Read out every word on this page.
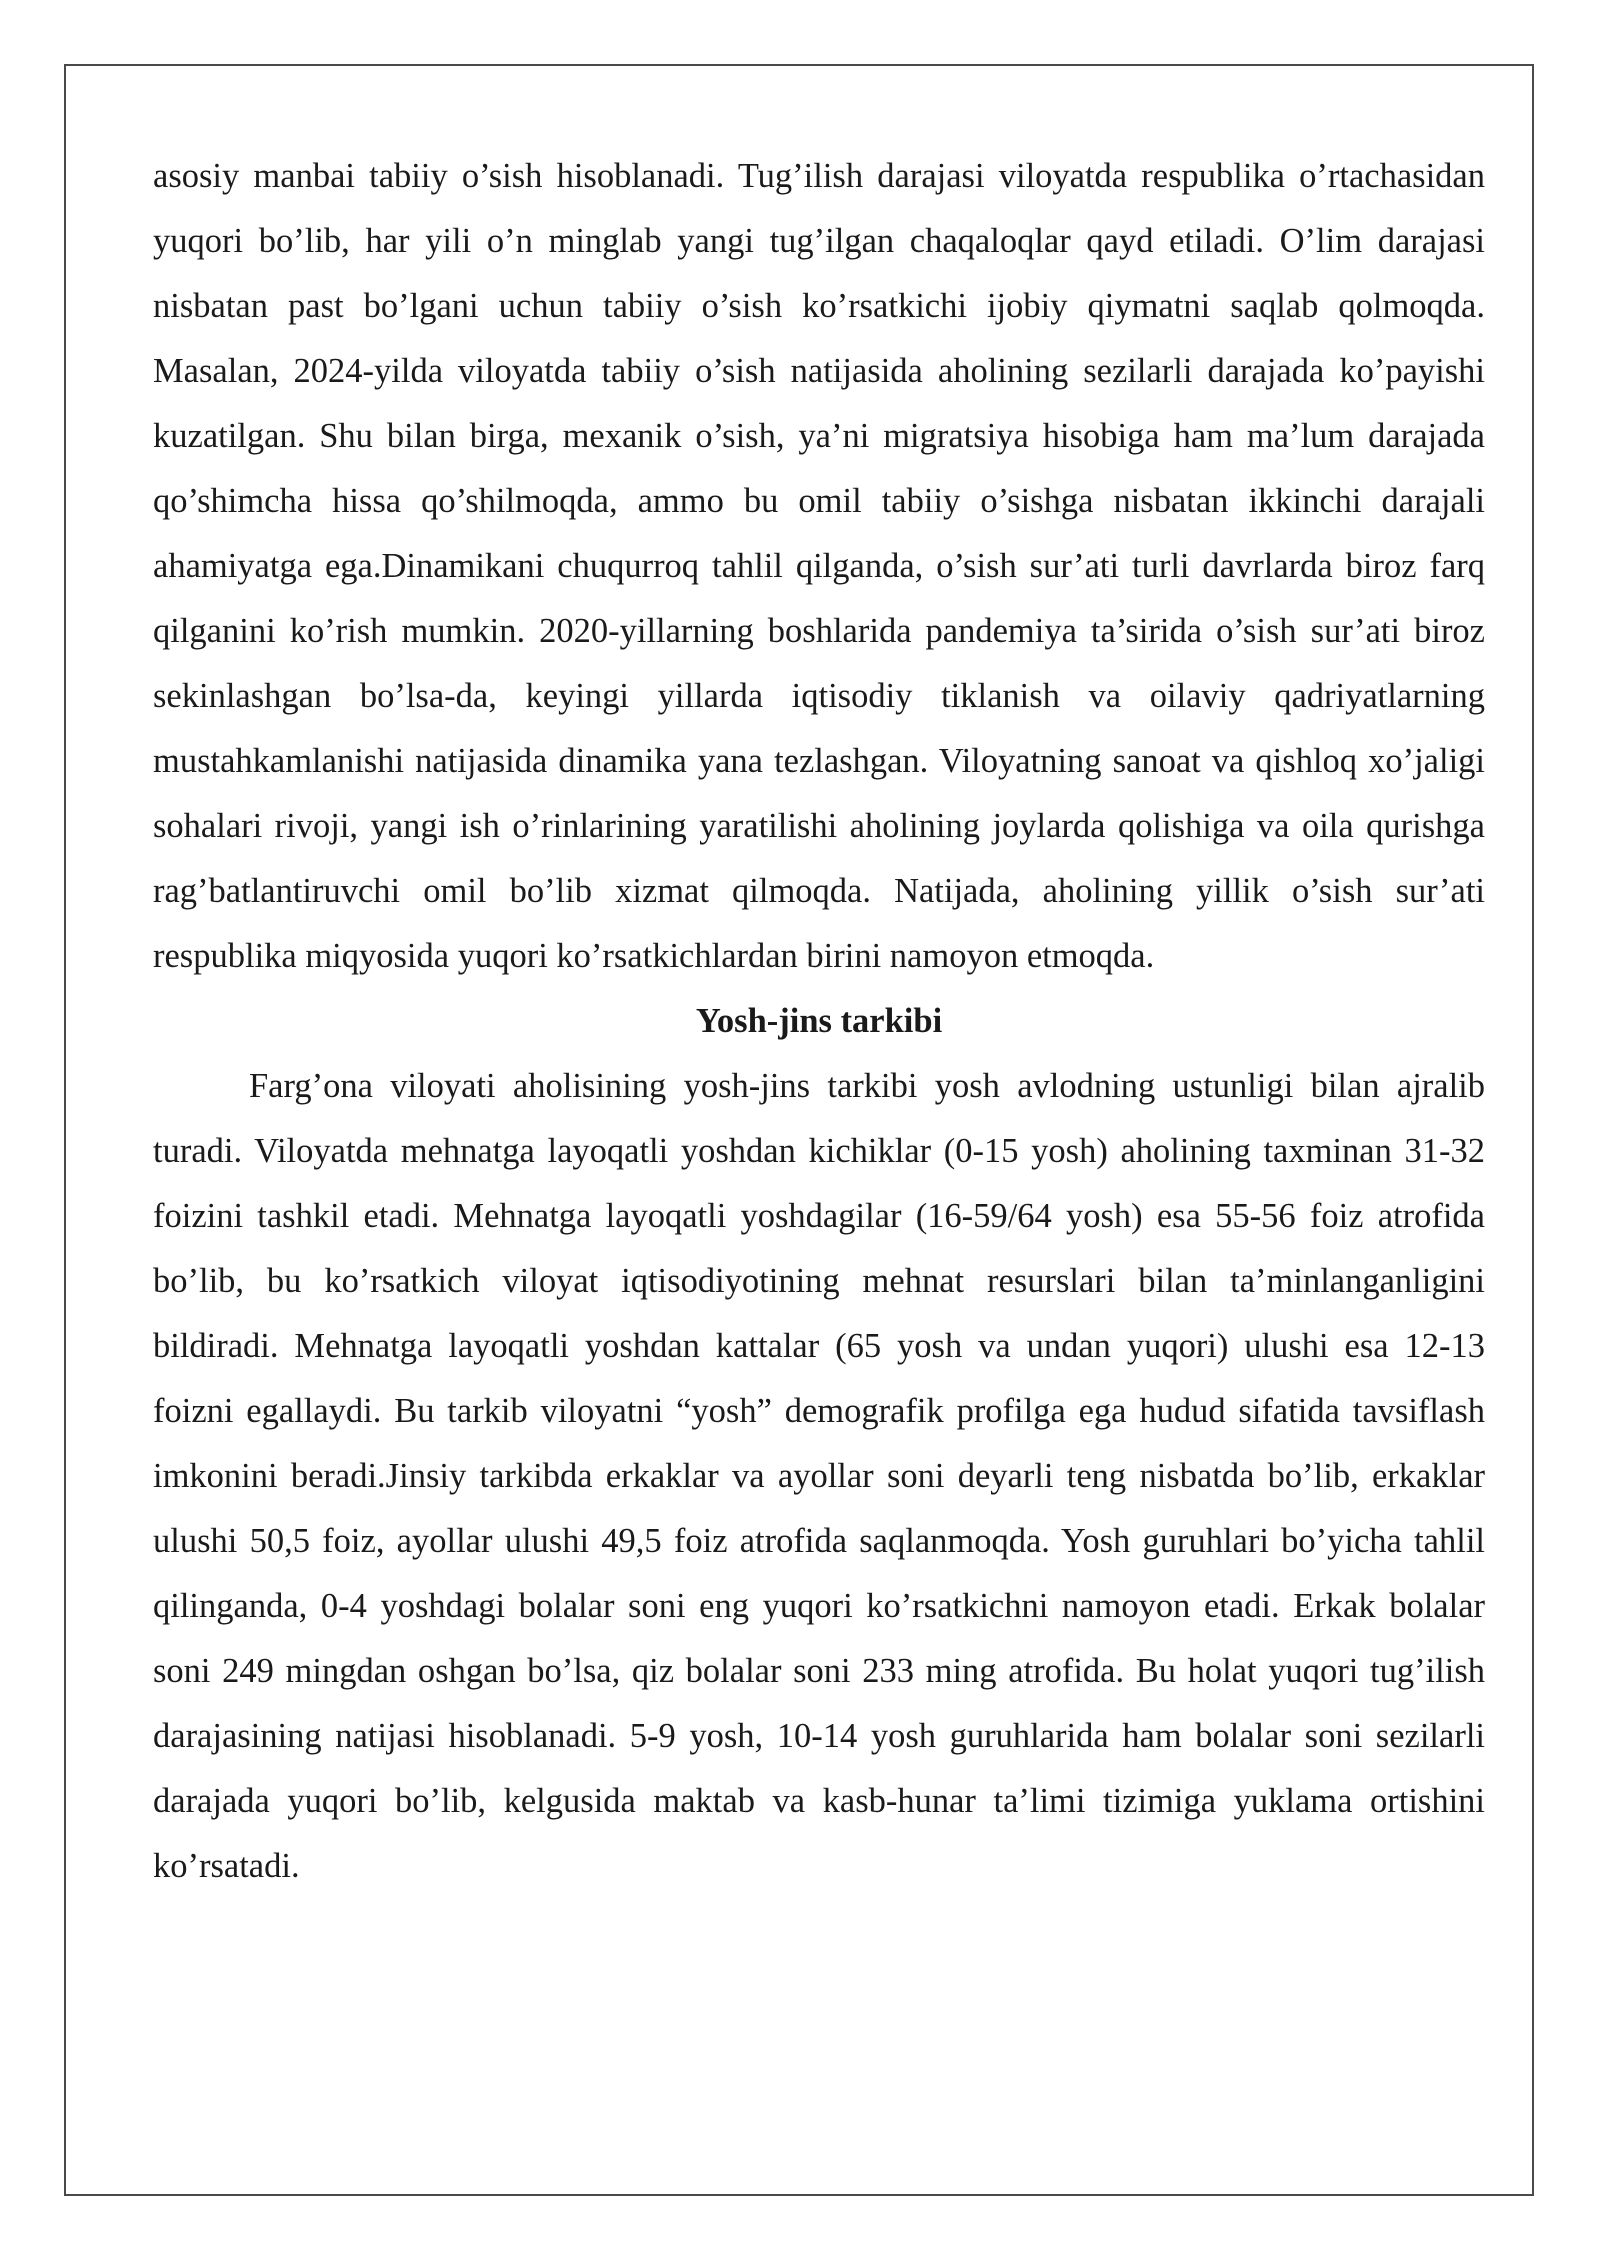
asosiy manbai tabiiy o’sish hisoblanadi. Tug’ilish darajasi viloyatda respublika o’rtachasidan yuqori bo’lib, har yili o’n minglab yangi tug’ilgan chaqaloqlar qayd etiladi. O’lim darajasi nisbatan past bo’lgani uchun tabiiy o’sish ko’rsatkichi ijobiy qiymatni saqlab qolmoqda. Masalan, 2024-yilda viloyatda tabiiy o’sish natijasida aholining sezilarli darajada ko’payishi kuzatilgan. Shu bilan birga, mexanik o’sish, ya’ni migratsiya hisobiga ham ma’lum darajada qo’shimcha hissa qo’shilmoqda, ammo bu omil tabiiy o’sishga nisbatan ikkinchi darajali ahamiyatga ega.Dinamikani chuqurroq tahlil qilganda, o’sish sur’ati turli davrlarda biroz farq qilganini ko’rish mumkin. 2020-yillarning boshlarida pandemiya ta’sirida o’sish sur’ati biroz sekinlashgan bo’lsa-da, keyingi yillarda iqtisodiy tiklanish va oilaviy qadriyatlarning mustahkamlanishi natijasida dinamika yana tezlashgan. Viloyatning sanoat va qishloq xo’jaligi sohalari rivoji, yangi ish o’rinlarining yaratilishi aholining joylarda qolishiga va oila qurishga rag’batlantiruvchi omil bo’lib xizmat qilmoqda. Natijada, aholining yillik o’sish sur’ati respublika miqyosida yuqori ko’rsatkichlardan birini namoyon etmoqda.

Yosh-jins tarkibi

Farg’ona viloyati aholisining yosh-jins tarkibi yosh avlodning ustunligi bilan ajralib turadi. Viloyatda mehnatga layoqatli yoshdan kichiklar (0-15 yosh) aholining taxminan 31-32 foizini tashkil etadi. Mehnatga layoqatli yoshdagilar (16-59/64 yosh) esa 55-56 foiz atrofida bo’lib, bu ko’rsatkich viloyat iqtisodiyotining mehnat resurslari bilan ta’minlanganligini bildiradi. Mehnatga layoqatli yoshdan kattalar (65 yosh va undan yuqori) ulushi esa 12-13 foizni egallaydi. Bu tarkib viloyatni “yosh” demografik profilga ega hudud sifatida tavsiflash imkonini beradi.Jinsiy tarkibda erkaklar va ayollar soni deyarli teng nisbatda bo’lib, erkaklar ulushi 50,5 foiz, ayollar ulushi 49,5 foiz atrofida saqlanmoqda. Yosh guruhlari bo’yicha tahlil qilinganda, 0-4 yoshdagi bolalar soni eng yuqori ko’rsatkichni namoyon etadi. Erkak bolalar soni 249 mingdan oshgan bo’lsa, qiz bolalar soni 233 ming atrofida. Bu holat yuqori tug’ilish darajasining natijasi hisoblanadi. 5-9 yosh, 10-14 yosh guruhlarida ham bolalar soni sezilarli darajada yuqori bo’lib, kelgusida maktab va kasb-hunar ta’limi tizimiga yuklama ortishini ko’rsatadi.
